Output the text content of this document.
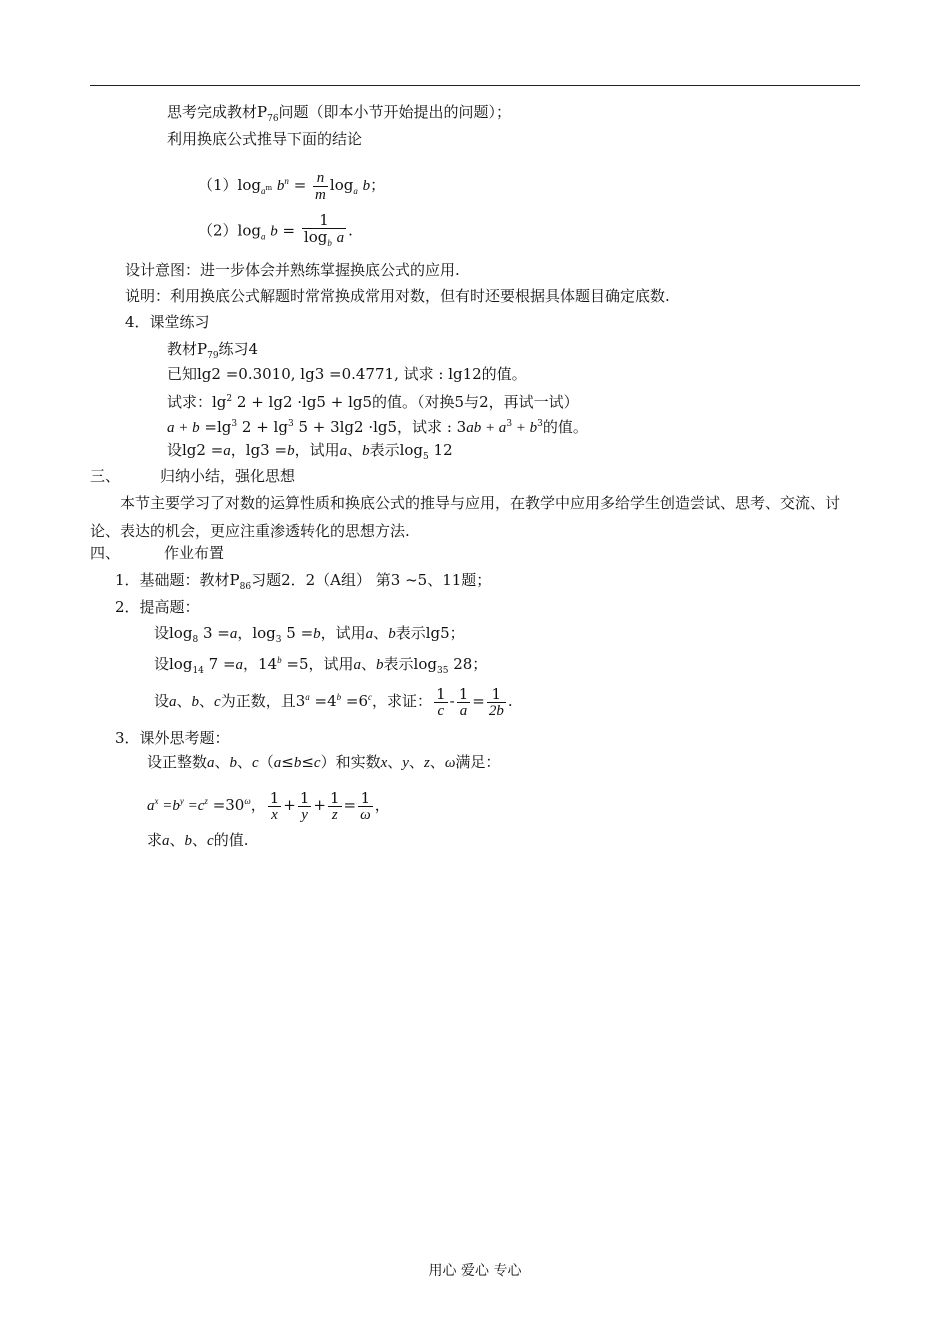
思考完成教材$P_{76}$问题（即本小节开始提出的问题）；
利用换底公式推导下面的结论
$(1)\log_{a^m}$ $b^n = \frac{n}{m} \log_a b$；
$(2)\log_a$ $b = \frac{1}{\log_b a}$ .
设计意图：进一步体会并熟练掌握换底公式的应用.
说明：利用换底公式解题时常常换成常用对数，但有时还要根据具体题目确定底数.
4．课堂练习
教材$P_{79}$练习4
已知lg2 =0.3010, lg3 =0.4771, 试求 : lg12的值。
试求：$\lg^2 2 + \lg 2 \cdot\lg 5 + \lg 5$的值。（对换5与2，再试一试）
$a + b =\lg^3$ $2 + \lg^3 5 + 3\lg 2 \cdot\lg 5$，试求 : $3ab + a^3 + b^3$的值。
设lg2 =a，lg3 =b，试用a、b表示$\log_5 12$
三、	归纳小结，强化思想
本节主要学习了对数的运算性质和换底公式的推导与应用，在教学中应用多给学生创造尝试、思考、交流、讨论、表达的机会，更应注重渗透转化的思想方法.
四、	作业布置
1．基础题：教材$P_{86}$习题2．2（A组） 第3 ~5、11题；
2．提高题：
设$\log_8 3 =a$，$\log_3 5 =b$，试用a、b表示lg5；
设$\log_{14} 7 =a$，$14^b =5$，试用a、b表示$\log_{35} 28$；
设a、b、c为正数，且$3^a =4^b =6^c$，求证： $\frac{1}{c} - \frac{1}{a} = \frac{1}{2b}$ .
3．课外思考题：
设正整数a、b、c（a≤b≤c）和实数x、y、z、ω满足：
$a^x =b^y =c^z =30^\omega$， $\frac{1}{x} + \frac{1}{y} + \frac{1}{z} = \frac{1}{\omega}$ ，
求a、b、c的值.
用心 爱心 专心
